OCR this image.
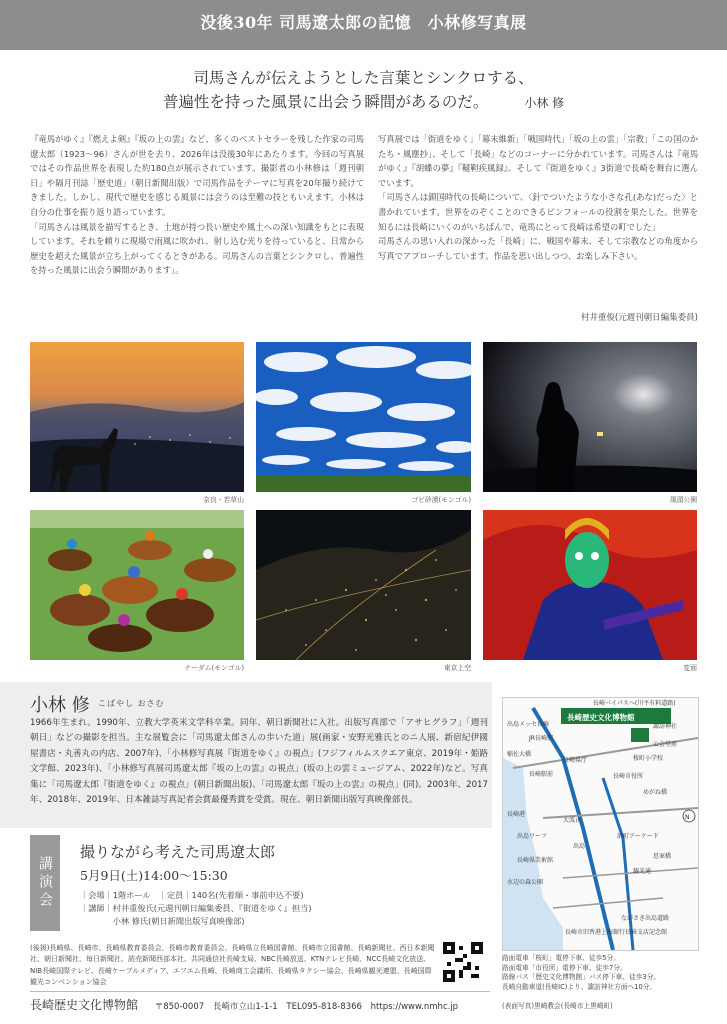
没後30年 司馬遼太郎の記憶　小林修写真展
司馬さんが伝えようとした言葉とシンクロする、
普遍性を持った風景に出会う瞬間があるのだ。	小林 修

『竜馬がゆく』『燃えよ剣』『坂の上の雲』など、多くのベストセラーを残した作家の司馬遼太郎（1923〜96）さんが世を去り、2026年は没後30年にあたります。今回の写真展ではその作品世界を表現した約180点が展示されています。撮影者の小林修は「週刊朝日」や隔月刊誌「歴史道」（朝日新聞出版）で司馬作品をテーマに写真を20年撮り続けてきました。しかし、現代で歴史を感じる風景には会うのは至難の技ともいえます。小林は自分の仕事を振り返り語っています。

「司馬さんは風景を描写するとき、土地が持つ長い歴史や風土への深い知識をもとに表現しています。それを頼りに現場で雨風に吹かれ、射し込む光りを待っていると、日常から歴史を超えた風景が立ち上がってくるときがある。司馬さんの言葉とシンクロし、普遍性を持った風景に出会う瞬間があります」。

写真展では「街道をゆく」「幕末維新」「戦国時代」「坂の上の雲」「宗教」「この国のかたち・風塵抄」、そして「長崎」などのコーナーに分かれています。司馬さんは『竜馬がゆく』『胡蝶の夢』『韃靼疾風録』、そして『街道をゆく』3街道で長崎を舞台に選んでいます。

「司馬さんは鎖国時代の長崎について、〈針でついたような小さな孔(あな)だった〉と書かれています。世界をのぞくことのできるピンフォールの役割を果たした。世界を知るには長崎にいくのがいちばんで、竜馬にとって長崎は希望の町でした」

司馬さんの思い入れの深かった「長崎」に、戦国や幕末、そして宗教などの角度から写真でアプローチしています。作品を思い出しつつ、お楽しみ下さい。

村井重俊(元週刊朝日編集委員)
奈良・若草山	ゴビ砂漠(モンゴル)	風頭公園
ナーダム(モンゴル)	東京上空	変面
小林 修 こばやし おさむ
1966年生まれ。1990年、立教大学英米文学科卒業。同年、朝日新聞社に入社。出版写真部で「アサヒグラフ」「週刊朝日」などの撮影を担当。主な展覧会に「司馬遼太郎さんの歩いた道」展(画家・安野光雅氏とのニ人展、新宿紀伊國屋書店・丸善丸の内店、2007年)、「小林修写真展『街道をゆく』の視点」(フジフィルムスクエア東京、2019年・姫路文学館、2023年)、「小林修写真展司馬遼太郎『坂の上の雲』の視点」(坂の上の雲ミュージアム、2022年)など。写真集に「司馬遼太郎『街道をゆく』の視点」(朝日新聞出版)、「司馬遼太郎『坂の上の雲』の視点」(同)。2003年、2017年、2018年、2019年、日本雑誌写真記者会賞最優秀賞を受賞。現在、朝日新聞出版写真映像部長。
講演会
撮りながら考えた司馬遼太郎
5月9日(土)14:00〜15:30
｜会場｜1階ホール　｜定員｜140名(先着順・事前申込不要)
｜講師｜村井重俊氏(元週刊朝日編集委員、『街道をゆく』担当)
　　　　小林 修氏(朝日新聞出版写真映像部)
N
長崎歴史文化博物館
長崎バイパスへ(川平有料道路)
出島メッセ長崎
JR長崎駅
長崎駅前
稲佐大橋
長崎県庁
長崎市役所
桜町小学校
長崎港
大波止
出島ワーフ
出島
長崎県美術館
水辺の森公園
長崎市旧香港上海銀行長崎支店記念館
めがね橋
思案橋
ながさき出島道路
諏訪神社
公会堂前
観光通
浜町アーケード
路面電車「桜町」電停下車、徒歩5分。
路面電車「市役所」電停下車、徒歩7分。
路線バス「歴史文化博物館」バス停下車、徒歩3分。
長崎自動車道(長崎IC)より、諏訪神社方面へ10分。
(後援)長崎県、長崎市、長崎県教育委員会、長崎市教育委員会、長崎県立長崎図書館、長崎市立図書館、長崎新聞社、西日本新聞社、朝日新聞社、毎日新聞社、読売新聞西部本社、共同通信社長崎支局、NBC長崎放送、KTNテレビ長崎、NCC長崎文化放送、NIB長崎国際テレビ、長崎ケーブルメディア、エフエム長崎、長崎商工会議所、長崎県タクシー協会、長崎県観光連盟、長崎国際観光コンベンション協会
長崎歴史文化博物館 〒850-0007 長崎市立山1-1-1 TEL095-818-8366 https://www.nmhc.jp	(表面写真)黒崎教会(長崎市上黒崎町)
